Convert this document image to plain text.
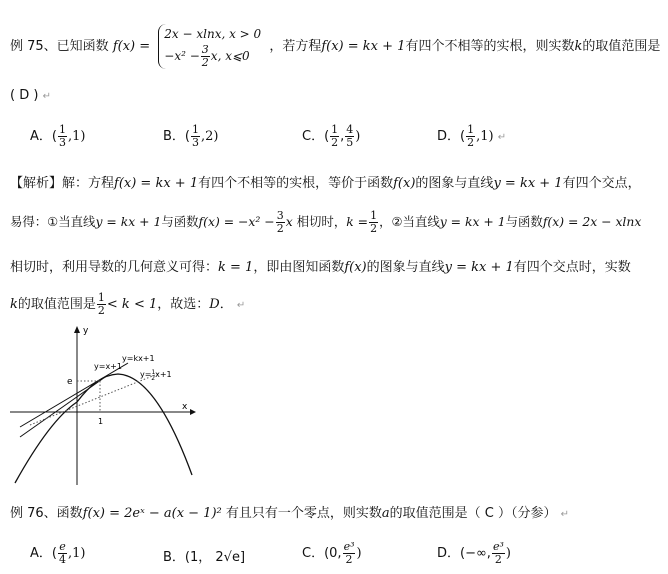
例 75、已知函数 f(x) =
2x − xlnx, x > 0
$-x^2 - \frac{3}{2} x$, x⩽0
，若方程f(x) = kx + 1有四个不相等的实根，则实数k的取值范围是
( D ) ↵
A．( $\frac{1}{3} ,1$)	B．( $\frac{1}{3} ,2$)	C．( $\frac{1}{2}$ , $\frac{4}{5}$ )	D．( $\frac{1}{2} ,1$) ↵
【解析】解：方程f(x) = kx + 1有四个不相等的实根，等价于函数f(x)的图象与直线y = kx + 1有四个交点，
易得：①当直线y = kx + 1与函数$f(x) = -x^2 - \frac{3}{2}$ x 相切时，$k = \frac{1}{2}$ ，②当直线y = kx + 1与函数f(x) = 2x − xlnx
相切时，利用导数的几何意义可得：k = 1，即由图知函数f(x)的图象与直线y = kx + 1有四个交点时，实数
k的取值范围是 $\frac{1}{2} < k < 1$，故选：D． ↵
y
x
e
1
y=x+1
y=kx+1
y=$^1$ 2x+1
例 76、函数f(x) = 2eˣ − a(x − 1)² 有且只有一个零点，则实数a的取值范围是（ C ）（分参） ↵
A．( $\frac{e}{4} ,1$)	B．(1， 2√e]	C．(0, $\frac{\text{e³}}{2}$ )	D．(−∞, $\frac{\text{e³}}{2}$ )
